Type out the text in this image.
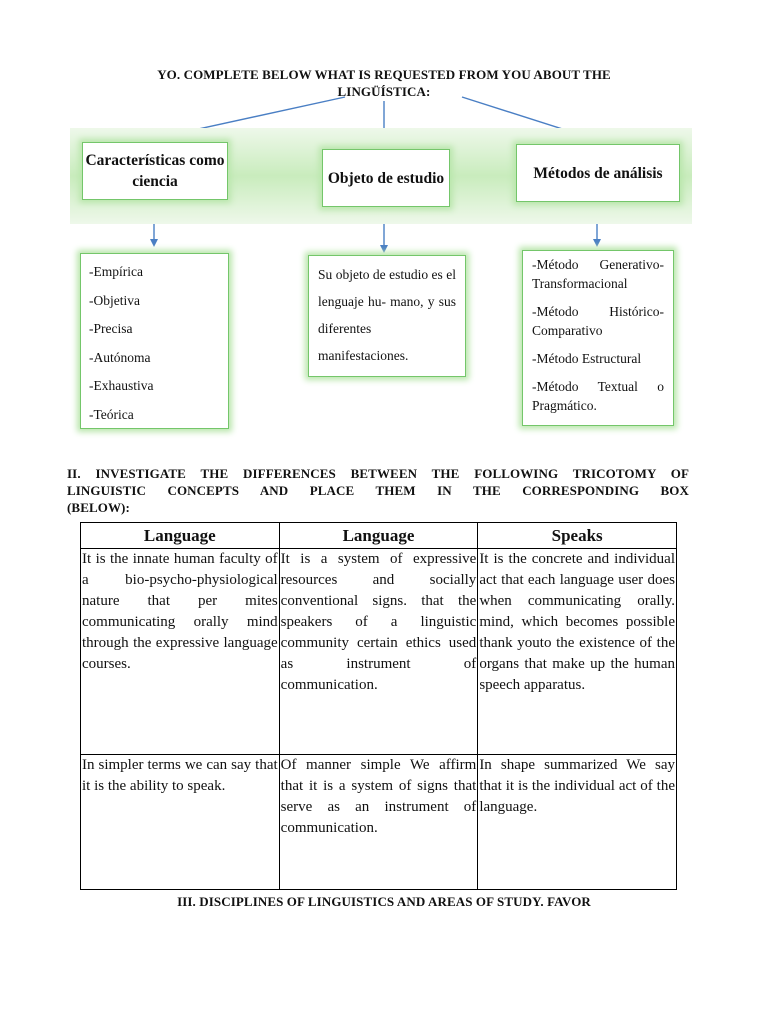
YO. COMPLETE BELOW WHAT IS REQUESTED FROM YOU ABOUT THE
LINGÜÍSTICA:
Características como ciencia	Objeto de estudio	Métodos de análisis
-Empírica
-Objetiva
-Precisa
-Autónoma
-Exhaustiva
-Teórica
Su objeto de estudio es el lenguaje hu- mano, y sus diferentes manifestaciones.
-Método Generativo-Transformacional
-Método Histórico-Comparativo
-Método Estructural
-Método Textual o Pragmático.
II. INVESTIGATE THE DIFFERENCES BETWEEN THE FOLLOWING TRICOTOMY OF
LINGUISTIC CONCEPTS AND PLACE THEM IN THE CORRESPONDING BOX
(BELOW):
Language	Language	Speaks
It is the innate human faculty of a bio-psycho-physiological nature that per mites communicating orally mind through the expressive language courses.	It is a system of expressive resources and socially conventional signs. that the speakers of a linguistic community certain ethics used as instrument of communication.	It is the concrete and individual act that each language user does when communicating orally. mind, which becomes possible thank youto the existence of the organs that make up the human speech apparatus.
In simpler terms we can say that it is the ability to speak.	Of manner simple We affirm that it is a system of signs that serve as an instrument of communication.	In shape summarized We say that it is the individual act of the language.
III. DISCIPLINES OF LINGUISTICS AND AREAS OF STUDY. FAVOR
